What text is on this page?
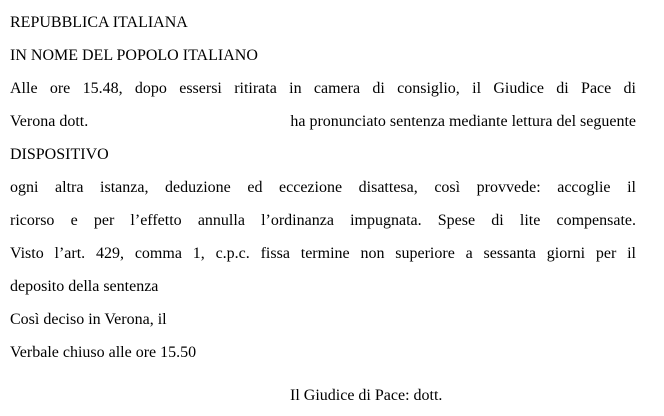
REPUBBLICA ITALIANA
IN NOME DEL POPOLO ITALIANO
Alle ore 15.48, dopo essersi ritirata in camera di consiglio, il Giudice di Pace di
Verona dott.	ha pronunciato sentenza mediante lettura del seguente
DISPOSITIVO
ogni altra istanza, deduzione ed eccezione disattesa, così provvede: accoglie il
ricorso e per l’effetto annulla l’ordinanza impugnata. Spese di lite compensate.
Visto l’art. 429, comma 1, c.p.c. fissa termine non superiore a sessanta giorni per il
deposito della sentenza
Così deciso in Verona, il
Verbale chiuso alle ore 15.50
Il Giudice di Pace: dott.
